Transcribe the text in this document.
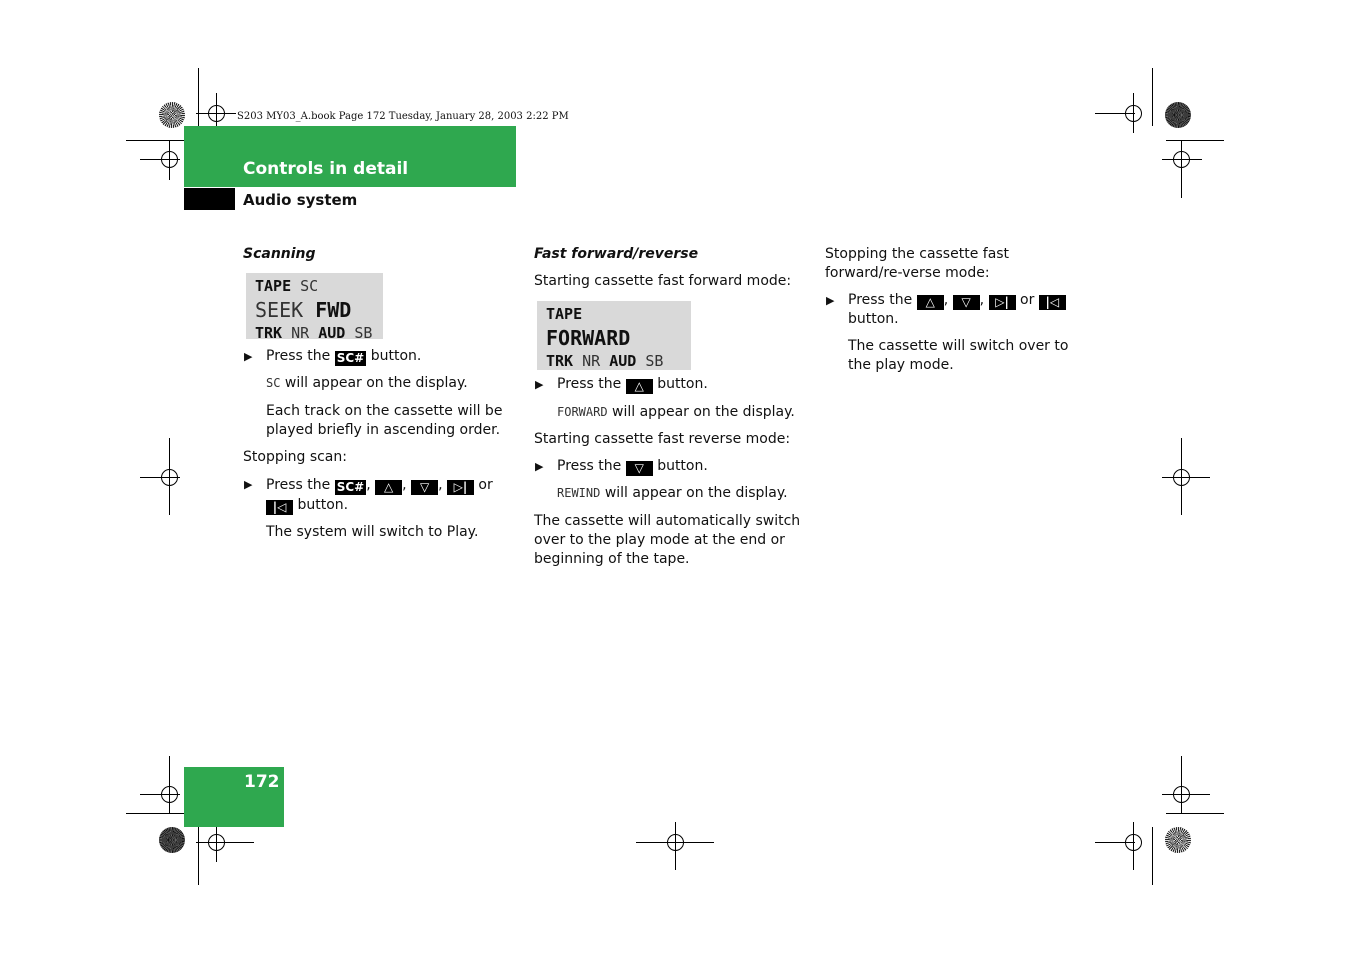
S203 MY03_A.book Page 172 Tuesday, January 28, 2003 2:22 PM
Controls in detail
Audio system

Scanning

TAPE SC
SEEK FWD
TRK NR AUD SB

▶ Press the SC# button.

SC will appear on the display.

Each track on the cassette will be played briefly in ascending order.

Stopping scan:

▶ Press the SC# , △ , ▽ , ▷| or |◁ button.

The system will switch to Play.

Fast forward/reverse

Starting cassette fast forward mode:

TAPE
FORWARD
TRK NR AUD SB

▶ Press the △ button.

FORWARD will appear on the display.

Starting cassette fast reverse mode:

▶ Press the ▽ button.

REWIND will appear on the display.

The cassette will automatically switch over to the play mode at the end or beginning of the tape.

Stopping the cassette fast forward/re-verse mode:

▶ Press the △ , ▽ , ▷| or |◁ button.

The cassette will switch over to the play mode.

172
